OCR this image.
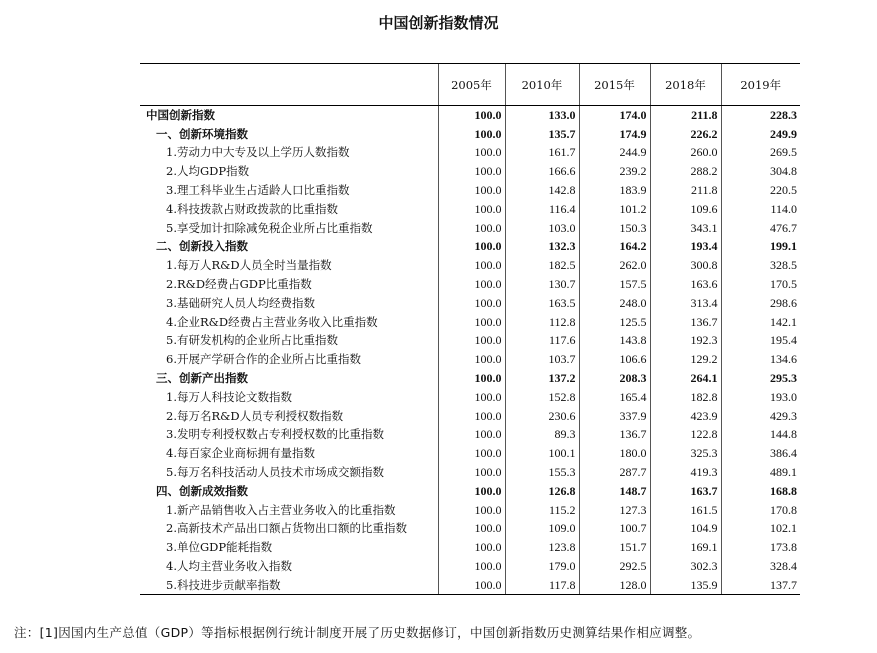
中国创新指数情况
	2005年	2010年	2015年	2018年	2019年
中国创新指数	100.0	133.0	174.0	211.8	228.3
一、创新环境指数	100.0	135.7	174.9	226.2	249.9
1.劳动力中大专及以上学历人数指数	100.0	161.7	244.9	260.0	269.5
2.人均GDP指数	100.0	166.6	239.2	288.2	304.8
3.理工科毕业生占适龄人口比重指数	100.0	142.8	183.9	211.8	220.5
4.科技拨款占财政拨款的比重指数	100.0	116.4	101.2	109.6	114.0
5.享受加计扣除减免税企业所占比重指数	100.0	103.0	150.3	343.1	476.7
二、创新投入指数	100.0	132.3	164.2	193.4	199.1
1.每万人R&D人员全时当量指数	100.0	182.5	262.0	300.8	328.5
2.R&D经费占GDP比重指数	100.0	130.7	157.5	163.6	170.5
3.基础研究人员人均经费指数	100.0	163.5	248.0	313.4	298.6
4.企业R&D经费占主营业务收入比重指数	100.0	112.8	125.5	136.7	142.1
5.有研发机构的企业所占比重指数	100.0	117.6	143.8	192.3	195.4
6.开展产学研合作的企业所占比重指数	100.0	103.7	106.6	129.2	134.6
三、创新产出指数	100.0	137.2	208.3	264.1	295.3
1.每万人科技论文数指数	100.0	152.8	165.4	182.8	193.0
2.每万名R&D人员专利授权数指数	100.0	230.6	337.9	423.9	429.3
3.发明专利授权数占专利授权数的比重指数	100.0	89.3	136.7	122.8	144.8
4.每百家企业商标拥有量指数	100.0	100.1	180.0	325.3	386.4
5.每万名科技活动人员技术市场成交额指数	100.0	155.3	287.7	419.3	489.1
四、创新成效指数	100.0	126.8	148.7	163.7	168.8
1.新产品销售收入占主营业务收入的比重指数	100.0	115.2	127.3	161.5	170.8
2.高新技术产品出口额占货物出口额的比重指数	100.0	109.0	100.7	104.9	102.1
3.单位GDP能耗指数	100.0	123.8	151.7	169.1	173.8
4.人均主营业务收入指数	100.0	179.0	292.5	302.3	328.4
5.科技进步贡献率指数	100.0	117.8	128.0	135.9	137.7
注：[1]因国内生产总值（GDP）等指标根据例行统计制度开展了历史数据修订，中国创新指数历史测算结果作相应调整。
